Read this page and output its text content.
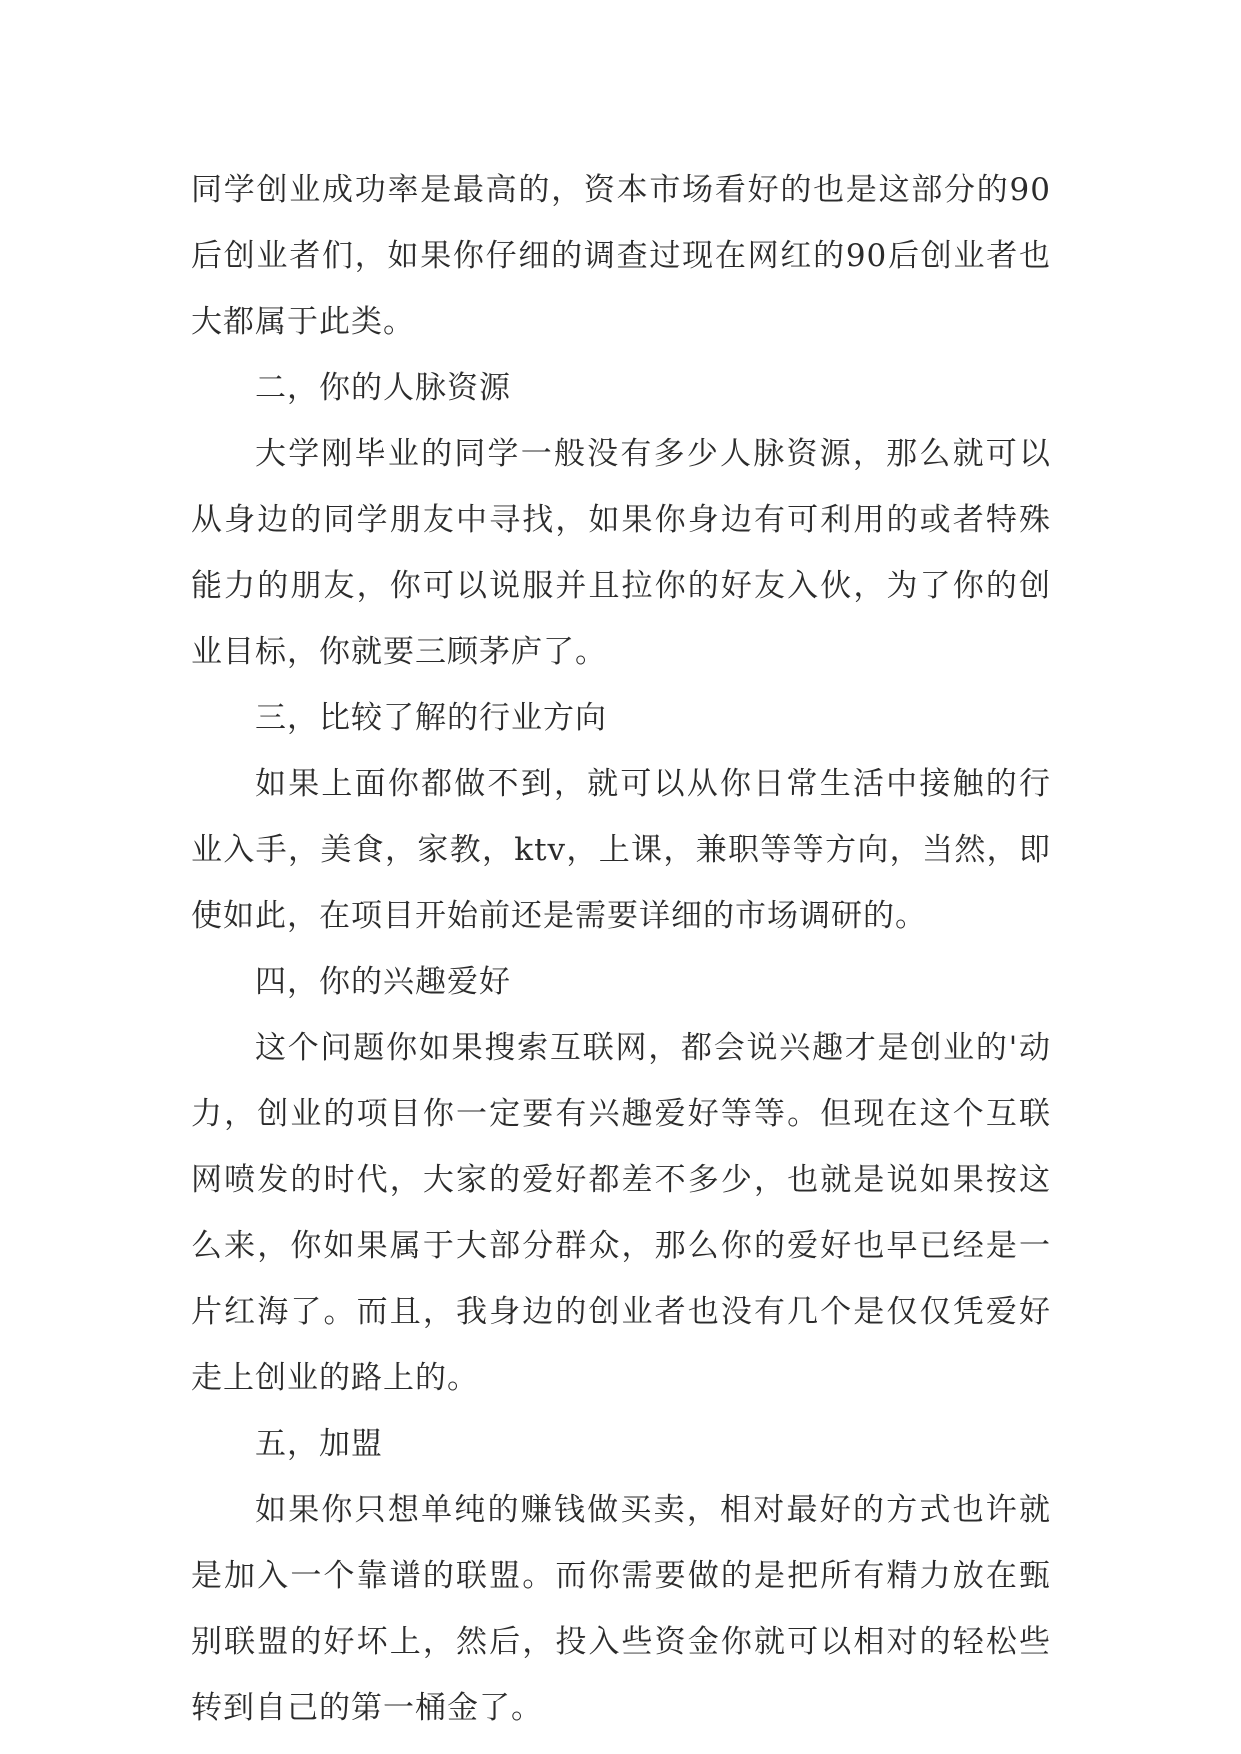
同学创业成功率是最高的，资本市场看好的也是这部分的90后创业者们，如果你仔细的调查过现在网红的90后创业者也大都属于此类。

二，你的人脉资源

大学刚毕业的同学一般没有多少人脉资源，那么就可以从身边的同学朋友中寻找，如果你身边有可利用的或者特殊能力的朋友，你可以说服并且拉你的好友入伙，为了你的创业目标，你就要三顾茅庐了。

三，比较了解的行业方向

如果上面你都做不到，就可以从你日常生活中接触的行业入手，美食，家教，ktv，上课，兼职等等方向，当然，即使如此，在项目开始前还是需要详细的市场调研的。

四，你的兴趣爱好

这个问题你如果搜索互联网，都会说兴趣才是创业的'动力，创业的项目你一定要有兴趣爱好等等。但现在这个互联网喷发的时代，大家的爱好都差不多少，也就是说如果按这么来，你如果属于大部分群众，那么你的爱好也早已经是一片红海了。而且，我身边的创业者也没有几个是仅仅凭爱好走上创业的路上的。

五，加盟

如果你只想单纯的赚钱做买卖，相对最好的方式也许就是加入一个靠谱的联盟。而你需要做的是把所有精力放在甄别联盟的好坏上，然后，投入些资金你就可以相对的轻松些转到自己的第一桶金了。
